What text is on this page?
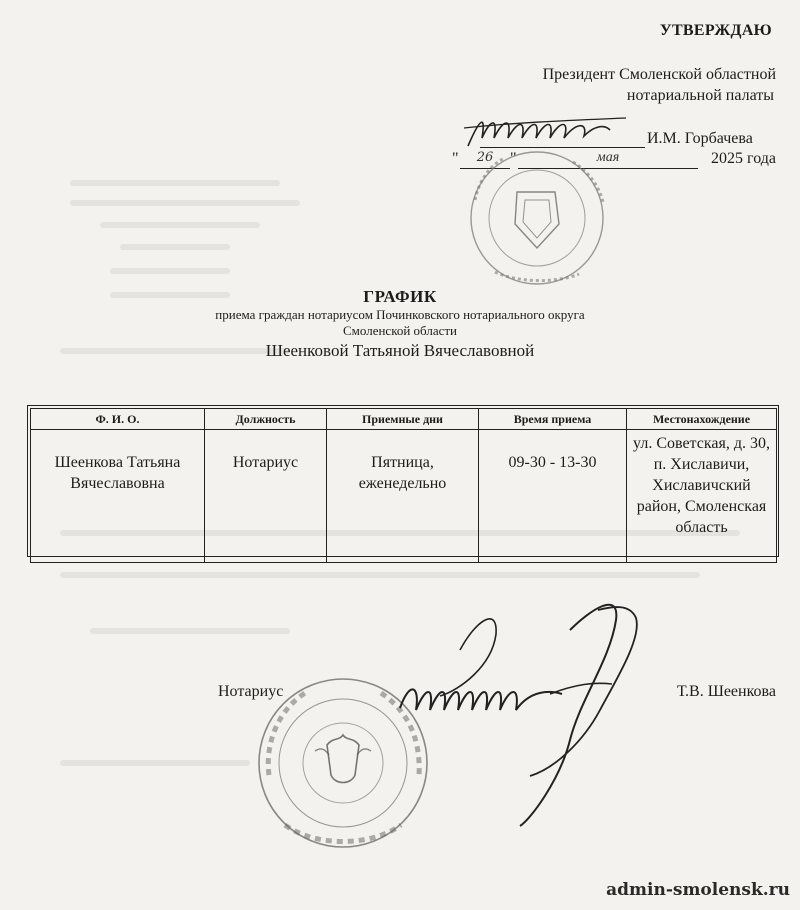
УТВЕРЖДАЮ
Президент Смоленской областной
нотариальной палаты
И.М. Горбачева
"	26	"	мая	2025 года
ГРАФИК
приема граждан нотариусом Починковского нотариального округа
Смоленской области
Шеенковой Татьяной Вячеславовной
Ф. И. О.	Должность	Приемные дни	Время приема	Местонахождение
Шеенкова Татьяна Вячеславовна	Нотариус	Пятница, еженедельно	09-30 - 13-30	ул. Советская, д. 30, п. Хиславичи, Хиславичский район, Смоленская область
Нотариус	Т.В. Шеенкова
admin-smolensk.ru
